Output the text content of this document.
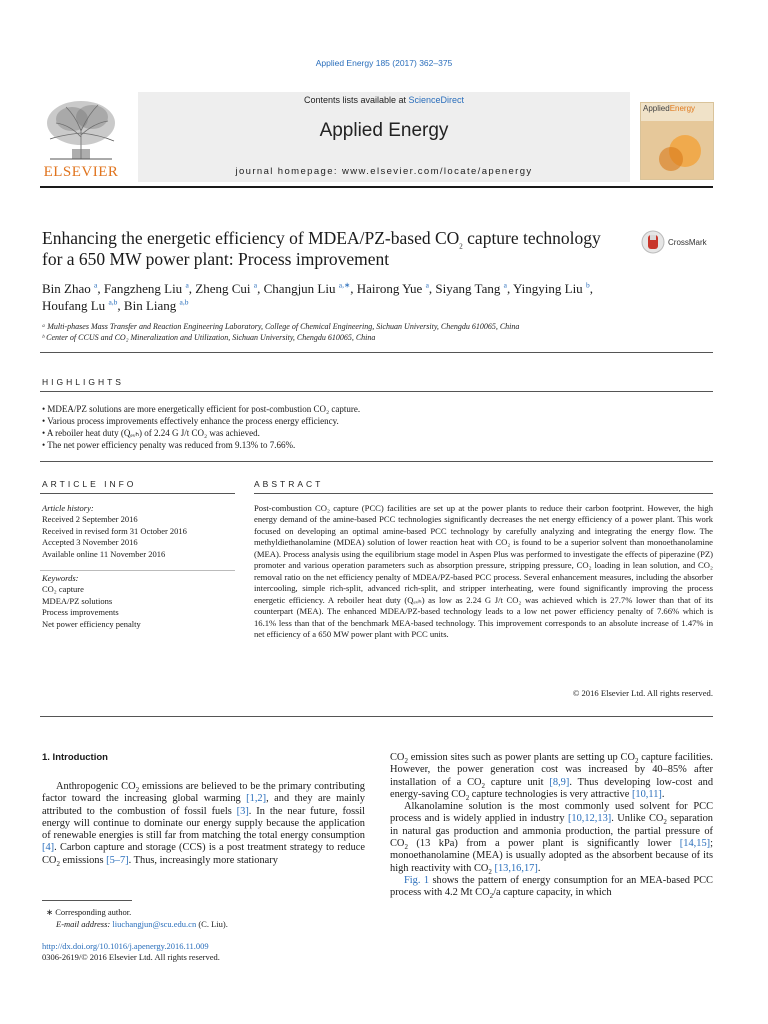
Applied Energy 185 (2017) 362–375
Contents lists available at ScienceDirect
Applied Energy
journal homepage: www.elsevier.com/locate/apenergy
ELSEVIER
AppliedEnergy
Enhancing the energetic efficiency of MDEA/PZ-based $CO_2$ capture technology for a 650 MW power plant: Process improvement
CrossMark
Bin Zhao $^a$, Fangzheng Liu $^a$, Zheng Cui $^a$, Changjun Liu $^{a,∗}$, Hairong Yue $^a$, Siyang Tang $^a$, Yingying Liu $^b$,
Houfang Lu $^{a,b}$, Bin Liang $^{a,b}$
ᵃ Multi-phases Mass Transfer and Reaction Engineering Laboratory, College of Chemical Engineering, Sichuan University, Chengdu 610065, China
ᵇ Center of CCUS and CO₂ Mineralization and Utilization, Sichuan University, Chengdu 610065, China
HIGHLIGHTS
• MDEA/PZ solutions are more energetically efficient for post-combustion CO₂ capture.
• Various process improvements effectively enhance the process energy efficiency.
• A reboiler heat duty (Qₑᵥₕ) of 2.24 G J/t CO₂ was achieved.
• The net power efficiency penalty was reduced from 9.13% to 7.66%.
ARTICLE INFO	ABSTRACT
Article history:
Received 2 September 2016
Received in revised form 31 October 2016
Accepted 3 November 2016
Available online 11 November 2016
Keywords:
CO₂ capture
MDEA/PZ solutions
Process improvements
Net power efficiency penalty
Post-combustion CO₂ capture (PCC) facilities are set up at the power plants to reduce their carbon footprint. However, the high energy demand of the amine-based PCC technologies significantly decreases the net energy efficiency of a power plant. This work focused on developing an optimal amine-based PCC technology by carefully analyzing and integrating the energy flow. The methyldiethanolamine (MDEA) solution of lower reaction heat with CO₂ is found to be a superior solvent than monoethanolamine (MEA). Process analysis using the equilibrium stage model in Aspen Plus was performed to investigate the effects of piperazine (PZ) promoter and various operation parameters such as absorption pressure, stripping pressure, CO₂ loading in lean solution, and CO₂ removal ratio on the net efficiency penalty of MDEA/PZ-based PCC process. Several enhancement measures, including the absorber intercooling, simple rich-split, advanced rich-split, and stripper interheating, were found significantly improving the process energetic efficiency. A reboiler heat duty (Qₑᵥₕ) as low as 2.24 G J/t CO₂ was achieved which is 27.7% lower than that of its counterpart (MEA). The enhanced MDEA/PZ-based technology leads to a low net power efficiency penalty of 7.66% which is 16.1% less than that of the benchmark MEA-based technology. This improvement corresponds to an absolute increase of 1.47% in net efficiency of a 650 MW power plant with PCC units.
© 2016 Elsevier Ltd. All rights reserved.
1. Introduction

Anthropogenic $CO_2$ emissions are believed to be the primary contributing factor toward the increasing global warming [1,2], and they are mainly attributed to the combustion of fossil fuels [3]. In the near future, fossil energy will continue to dominate our energy supply because the application of renewable energies is still far from matching the total energy consumption [4]. Carbon capture and storage (CCS) is a post treatment strategy to reduce $CO_2$ emissions [5–7]. Thus, increasingly more stationary

$CO_2$ emission sites such as power plants are setting up $CO_2$ capture facilities. However, the power generation cost was increased by 40–85% after installation of a $CO_2$ capture unit [8,9]. Thus developing low-cost and energy-saving $CO_2$ capture technologies is very attractive [10,11].

Alkanolamine solution is the most commonly used solvent for PCC process and is widely applied in industry [10,12,13]. Unlike $CO_2$ separation in natural gas production and ammonia production, the partial pressure of $CO_2$ (13 kPa) from a power plant is significantly lower [14,15]; monoethanolamine (MEA) is usually adopted as the absorbent because of its high reactivity with $CO_2$ [13,16,17].

Fig. 1 shows the pattern of energy consumption for an MEA-based PCC process with 4.2 Mt $CO_2/a$ capture capacity, in which

∗ Corresponding author.
E-mail address: liuchangjun@scu.edu.cn (C. Liu).
http://dx.doi.org/10.1016/j.apenergy.2016.11.009
0306-2619/© 2016 Elsevier Ltd. All rights reserved.
